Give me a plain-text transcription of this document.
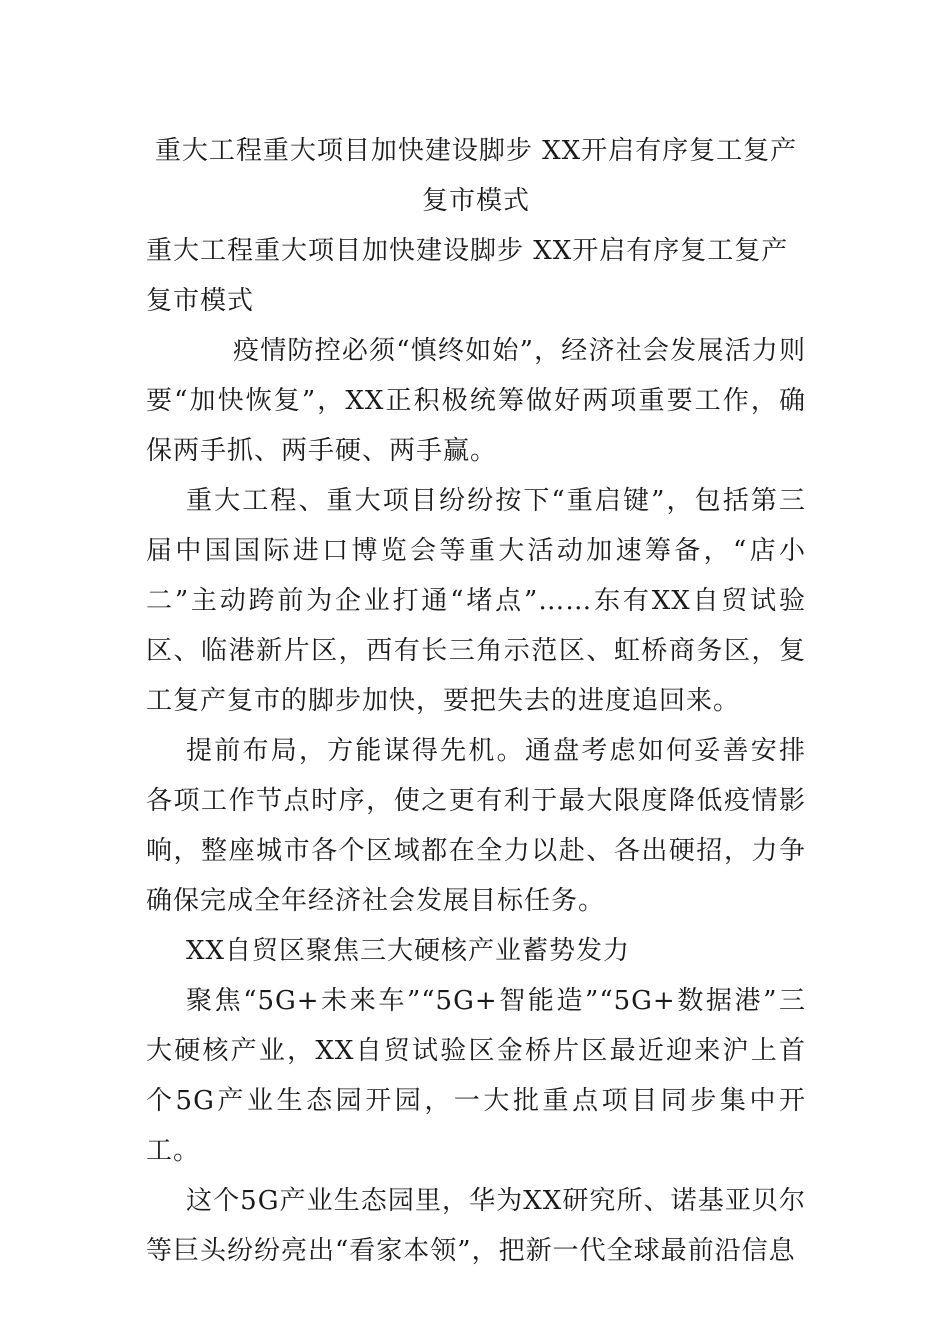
重大工程重大项目加快建设脚步 XX开启有序复工复产复市模式

重大工程重大项目加快建设脚步 XX开启有序复工复产复市模式

疫情防控必须“慎终如始”，经济社会发展活力则要“加快恢复”，XX正积极统筹做好两项重要工作，确保两手抓、两手硬、两手赢。

重大工程、重大项目纷纷按下“重启键”，包括第三届中国国际进口博览会等重大活动加速筹备，“店小二”主动跨前为企业打通“堵点”……东有XX自贸试验区、临港新片区，西有长三角示范区、虹桥商务区，复工复产复市的脚步加快，要把失去的进度追回来。

提前布局，方能谋得先机。通盘考虑如何妥善安排各项工作节点时序，使之更有利于最大限度降低疫情影响，整座城市各个区域都在全力以赴、各出硬招，力争确保完成全年经济社会发展目标任务。

XX自贸区聚焦三大硬核产业蓄势发力

聚焦“5G+未来车”“5G+智能造”“5G+数据港”三大硬核产业，XX自贸试验区金桥片区最近迎来沪上首个5G产业生态园开园，一大批重点项目同步集中开工。

这个5G产业生态园里，华为XX研究所、诺基亚贝尔等巨头纷纷亮出“看家本领”，把新一代全球最前沿信息
